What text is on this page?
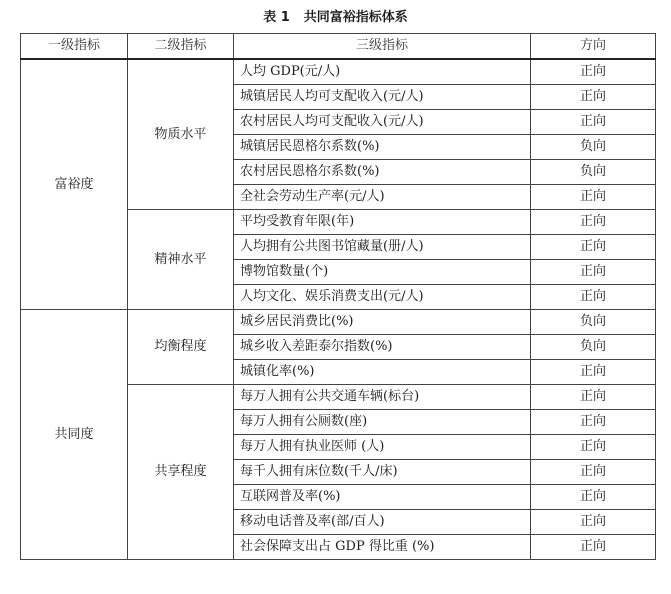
表 1 共同富裕指标体系
一级指标	二级指标	三级指标	方向
富裕度	物质水平	人均 GDP(元/人)	正向
		城镇居民人均可支配收入(元/人)	正向
		农村居民人均可支配收入(元/人)	正向
		城镇居民恩格尔系数(%)	负向
		农村居民恩格尔系数(%)	负向
		全社会劳动生产率(元/人)	正向
	精神水平	平均受教育年限(年)	正向
		人均拥有公共图书馆藏量(册/人)	正向
		博物馆数量(个)	正向
		人均文化、娱乐消费支出(元/人)	正向
共同度	均衡程度	城乡居民消费比(%)	负向
		城乡收入差距泰尔指数(%)	负向
		城镇化率(%)	正向
	共享程度	每万人拥有公共交通车辆(标台)	正向
		每万人拥有公厕数(座)	正向
		每万人拥有执业医师 (人)	正向
		每千人拥有床位数(千人/床)	正向
		互联网普及率(%)	正向
		移动电话普及率(部/百人)	正向
		社会保障支出占 GDP 得比重 (%)	正向
